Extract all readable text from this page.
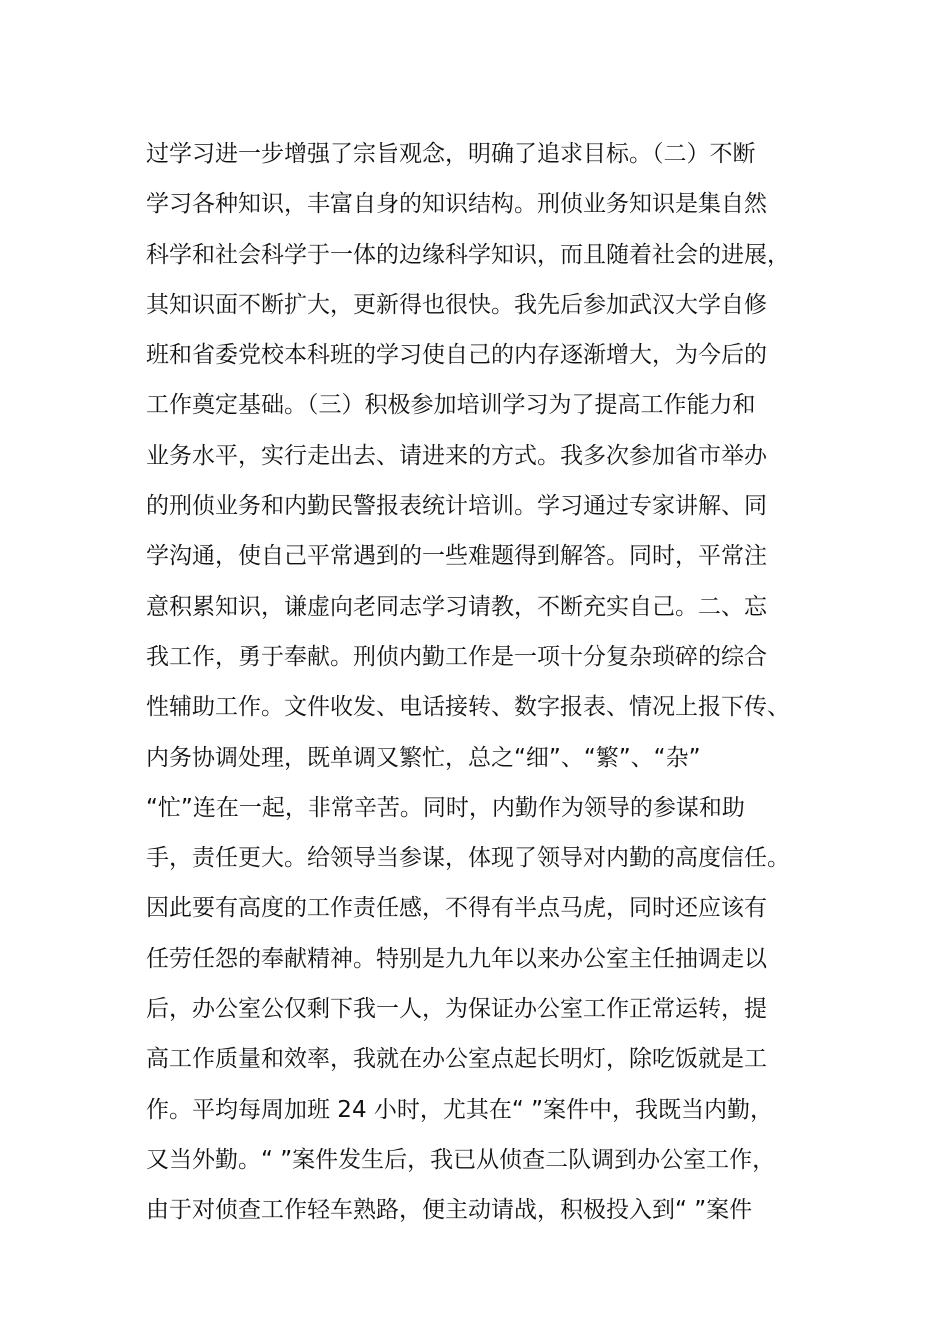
过学习进一步增强了宗旨观念，明确了追求目标。（二）不断
学习各种知识，丰富自身的知识结构。刑侦业务知识是集自然
科学和社会科学于一体的边缘科学知识，而且随着社会的进展，
其知识面不断扩大，更新得也很快。我先后参加武汉大学自修
班和省委党校本科班的学习使自己的内存逐渐增大，为今后的
工作奠定基础。（三）积极参加培训学习为了提高工作能力和
业务水平，实行走出去、请进来的方式。我多次参加省市举办
的刑侦业务和内勤民警报表统计培训。学习通过专家讲解、同
学沟通，使自己平常遇到的一些难题得到解答。同时，平常注
意积累知识，谦虚向老同志学习请教，不断充实自己。二、忘
我工作，勇于奉献。刑侦内勤工作是一项十分复杂琐碎的综合
性辅助工作。文件收发、电话接转、数字报表、情况上报下传、
内务协调处理，既单调又繁忙，总之“细”、“繁”、“杂”
“忙”连在一起，非常辛苦。同时，内勤作为领导的参谋和助
手，责任更大。给领导当参谋，体现了领导对内勤的高度信任。
因此要有高度的工作责任感，不得有半点马虎，同时还应该有
任劳任怨的奉献精神。特别是九九年以来办公室主任抽调走以
后，办公室公仅剩下我一人，为保证办公室工作正常运转，提
高工作质量和效率，我就在办公室点起长明灯，除吃饭就是工
作。平均每周加班 24 小时，尤其在“ ”案件中，我既当内勤，
又当外勤。“ ”案件发生后，我已从侦查二队调到办公室工作，
由于对侦查工作轻车熟路，便主动请战，积极投入到“ ”案件
